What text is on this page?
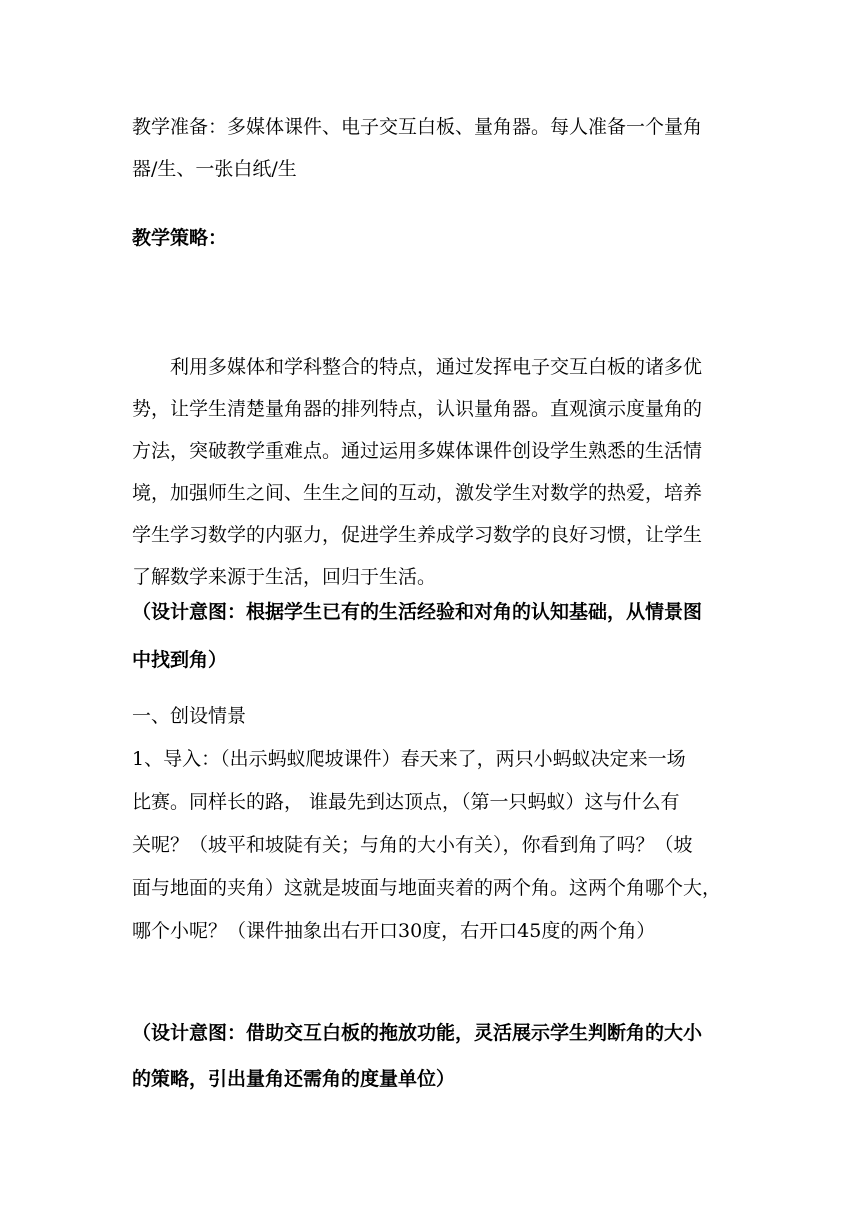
教学准备：多媒体课件、电子交互白板、量角器。每人准备一个量角
器/生、一张白纸/生

教学策略：

　　利用多媒体和学科整合的特点，通过发挥电子交互白板的诸多优
势，让学生清楚量角器的排列特点，认识量角器。直观演示度量角的
方法，突破教学重难点。通过运用多媒体课件创设学生熟悉的生活情
境，加强师生之间、生生之间的互动，激发学生对数学的热爱，培养
学生学习数学的内驱力，促进学生养成学习数学的良好习惯，让学生
了解数学来源于生活，回归于生活。

（设计意图：根据学生已有的生活经验和对角的认知基础，从情景图
中找到角）

一、创设情景

1、导入：（出示蚂蚁爬坡课件）春天来了，两只小蚂蚁决定来一场
比赛。同样长的路， 谁最先到达顶点，（第一只蚂蚁）这与什么有
关呢？（坡平和坡陡有关；与角的大小有关），你看到角了吗？（坡
面与地面的夹角）这就是坡面与地面夹着的两个角。这两个角哪个大，
哪个小呢？（课件抽象出右开口30度，右开口45度的两个角）

（设计意图：借助交互白板的拖放功能，灵活展示学生判断角的大小
的策略，引出量角还需角的度量单位）
